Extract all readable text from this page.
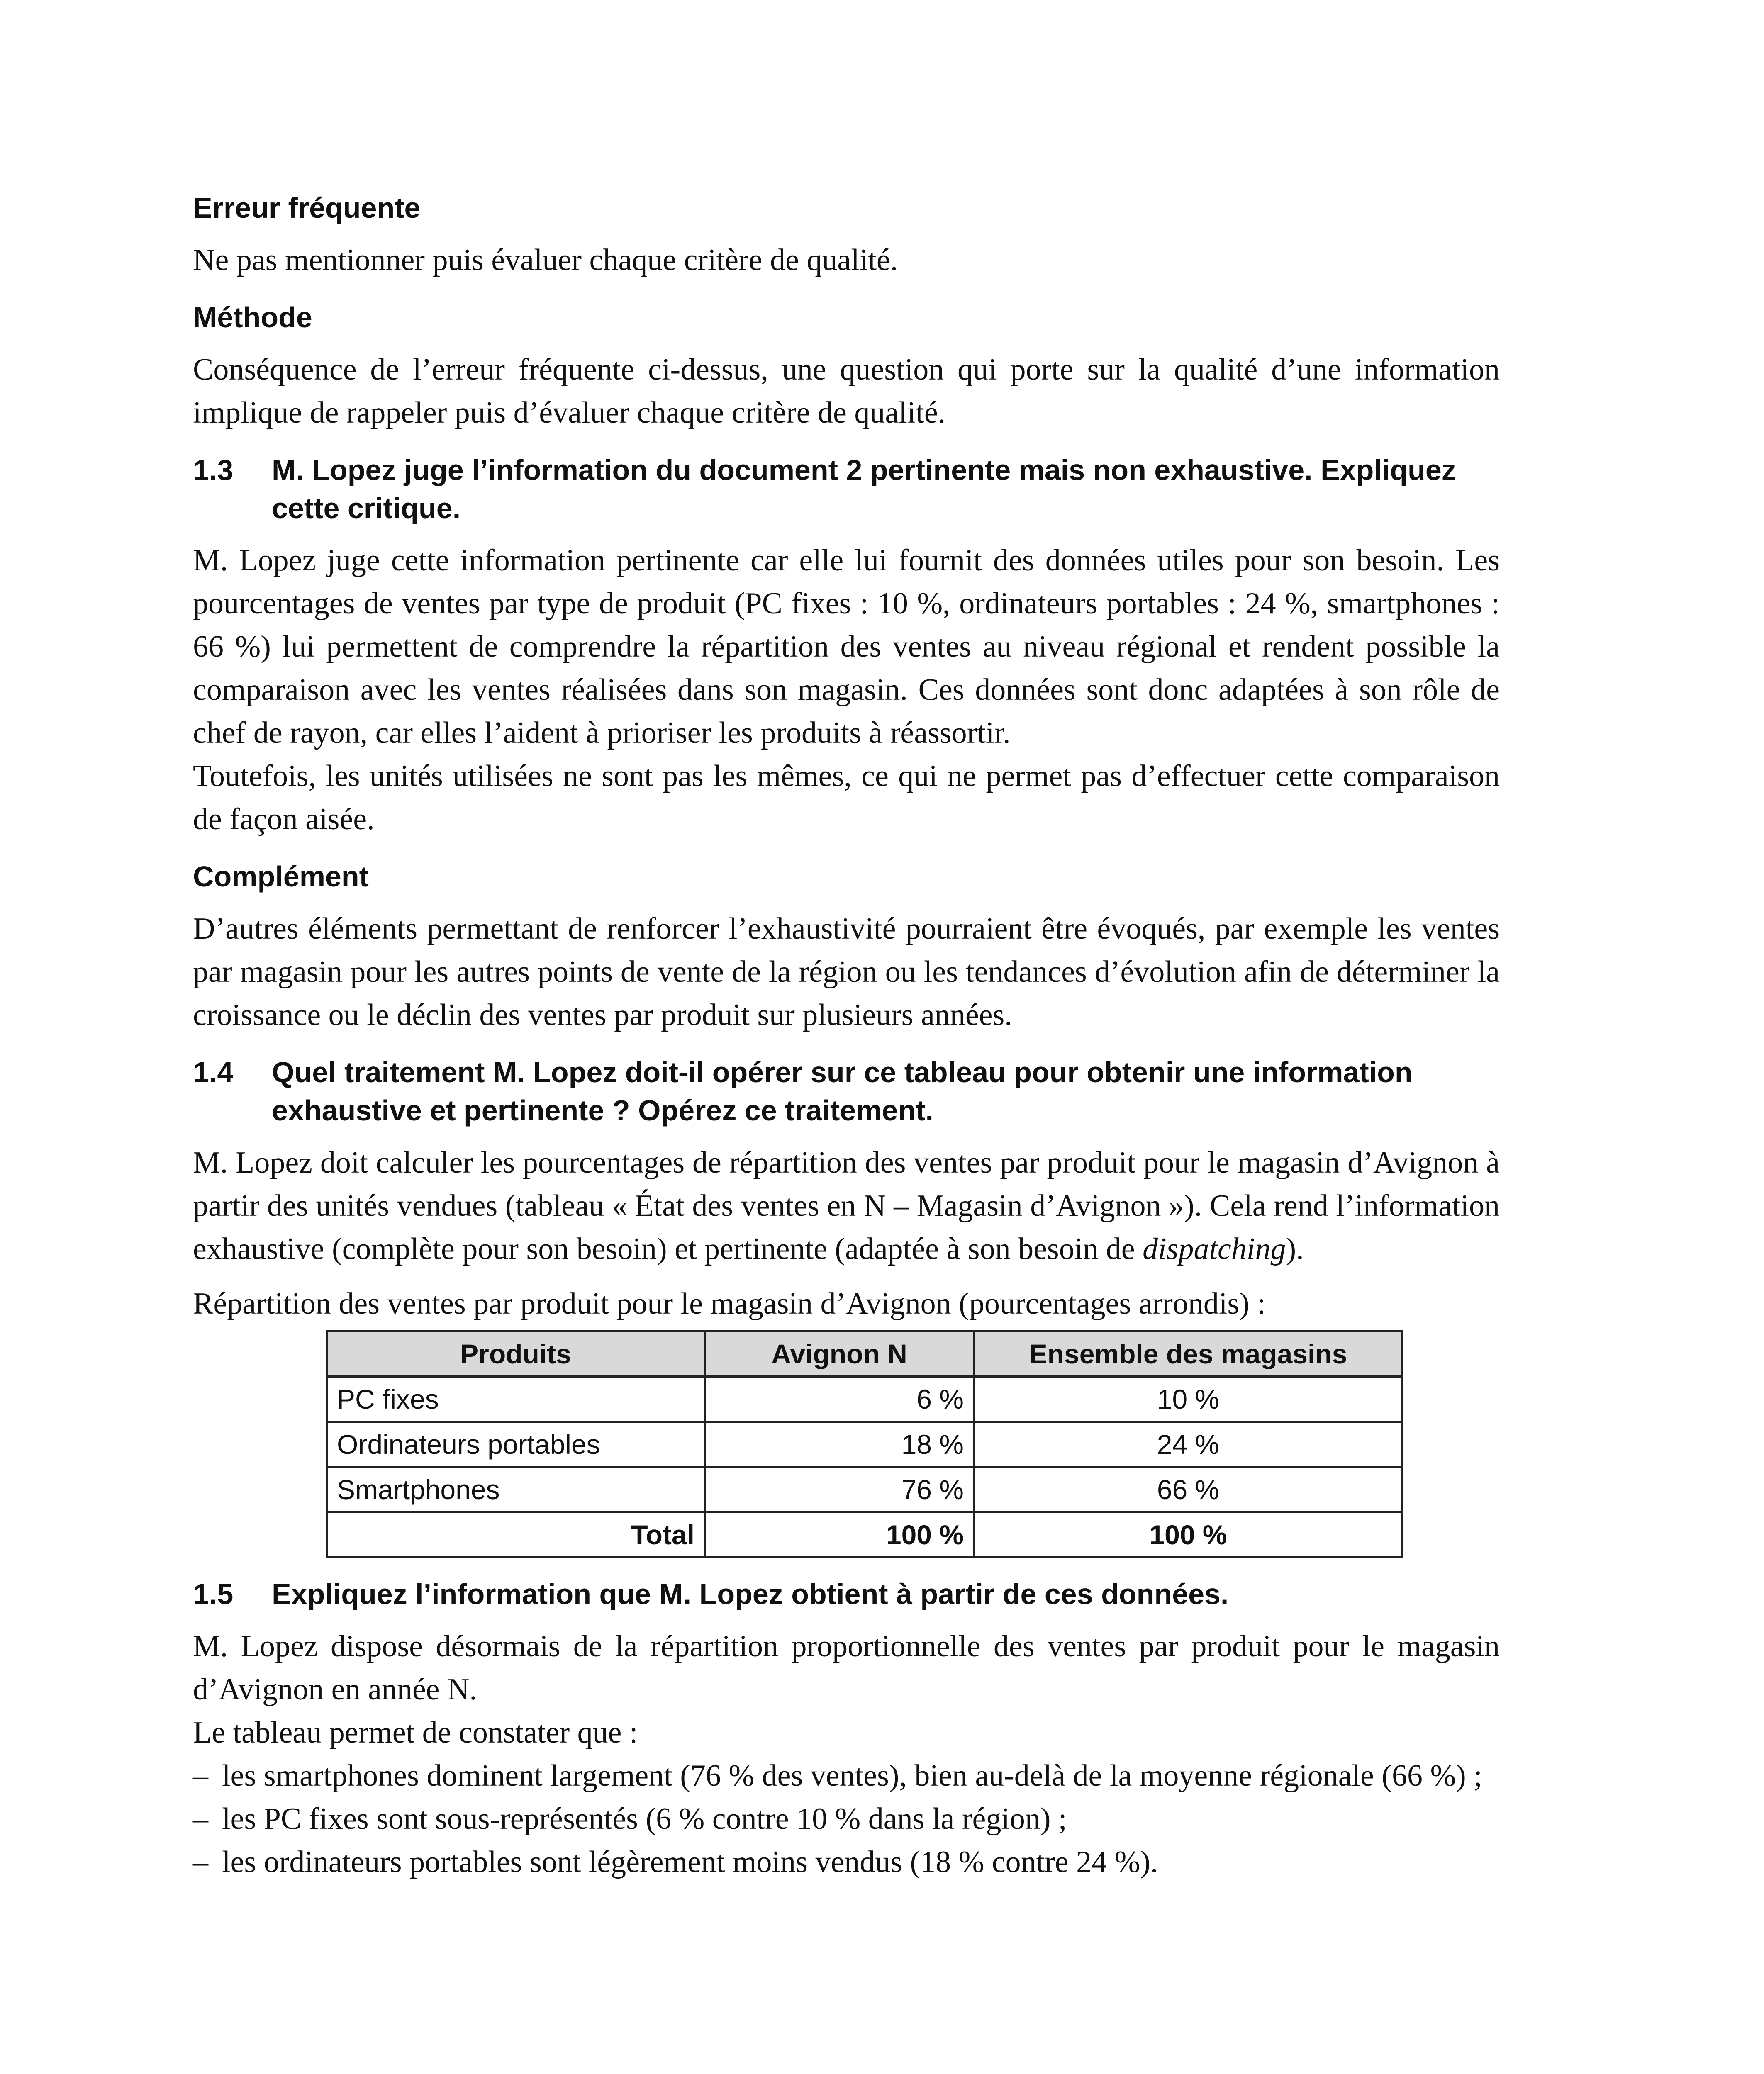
Erreur fréquente

Ne pas mentionner puis évaluer chaque critère de qualité.

Méthode

Conséquence de l’erreur fréquente ci-dessus, une question qui porte sur la qualité d’une information implique de rappeler puis d’évaluer chaque critère de qualité.

1.3	M. Lopez juge l’information du document 2 pertinente mais non exhaustive. Expliquez cette critique.

M. Lopez juge cette information pertinente car elle lui fournit des données utiles pour son besoin. Les pourcentages de ventes par type de produit (PC fixes : 10 %, ordinateurs portables : 24 %, smartphones : 66 %) lui permettent de comprendre la répartition des ventes au niveau régional et rendent possible la comparaison avec les ventes réalisées dans son magasin. Ces données sont donc adaptées à son rôle de chef de rayon, car elles l’aident à prioriser les produits à réassortir.

Toutefois, les unités utilisées ne sont pas les mêmes, ce qui ne permet pas d’effectuer cette comparaison de façon aisée.

Complément

D’autres éléments permettant de renforcer l’exhaustivité pourraient être évoqués, par exemple les ventes par magasin pour les autres points de vente de la région ou les tendances d’évolution afin de déterminer la croissance ou le déclin des ventes par produit sur plusieurs années.

1.4	Quel traitement M. Lopez doit-il opérer sur ce tableau pour obtenir une information exhaustive et pertinente ? Opérez ce traitement.

M. Lopez doit calculer les pourcentages de répartition des ventes par produit pour le magasin d’Avignon à partir des unités vendues (tableau « État des ventes en N – Magasin d’Avignon »). Cela rend l’information exhaustive (complète pour son besoin) et pertinente (adaptée à son besoin de dispatching).

Répartition des ventes par produit pour le magasin d’Avignon (pourcentages arrondis) :

Produits	Avignon N	Ensemble des magasins
PC fixes	6 %	10 %
Ordinateurs portables	18 %	24 %
Smartphones	76 %	66 %
Total	100 %	100 %
1.5	Expliquez l’information que M. Lopez obtient à partir de ces données.

M. Lopez dispose désormais de la répartition proportionnelle des ventes par produit pour le magasin d’Avignon en année N.

Le tableau permet de constater que :

– les smartphones dominent largement (76 % des ventes), bien au-delà de la moyenne régionale (66 %) ;
– les PC fixes sont sous-représentés (6 % contre 10 % dans la région) ;
– les ordinateurs portables sont légèrement moins vendus (18 % contre 24 %).
